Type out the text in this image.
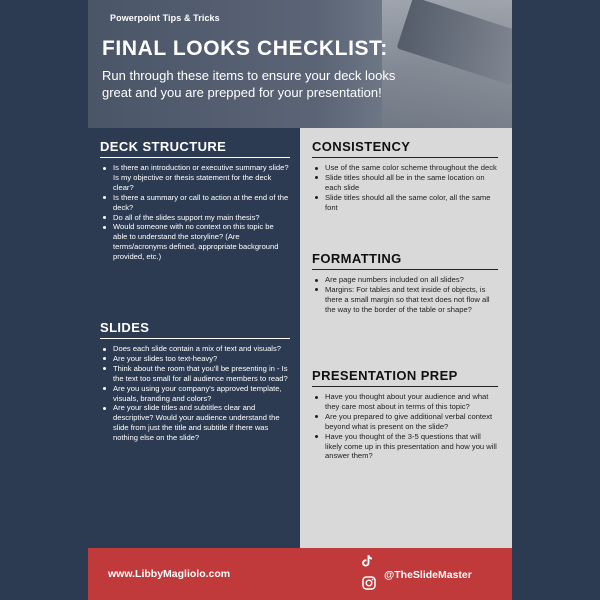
Powerpoint Tips & Tricks
FINAL LOOKS CHECKLIST:
Run through these items to ensure your deck looks great and you are prepped for your presentation!
DECK STRUCTURE
Is there an introduction or executive summary slide? Is my objective or thesis statement for the deck clear?
Is there a summary or call to action at the end of the deck?
Do all of the slides support my main thesis?
Would someone with no context on this topic be able to understand the storyline? (Are terms/acronyms defined, appropriate background provided, etc.)
SLIDES
Does each slide contain a mix of text and visuals?
Are your slides too text-heavy?
Think about the room that you'll be presenting in - Is the text too small for all audience members to read?
Are you using your company's approved template, visuals, branding and colors?
Are your slide titles and subtitles clear and descriptive? Would your audience understand the slide from just the title and subtitle if there was nothing else on the slide?
CONSISTENCY
Use of the same color scheme throughout the deck
Slide titles should all be in the same location on each slide
Slide titles should all the same color, all the same font
FORMATTING
Are page numbers included on all slides?
Margins: For tables and text inside of objects, is there a small margin so that text does not flow all the way to the border of the table or shape?
PRESENTATION PREP
Have you thought about your audience and what they care most about in terms of this topic?
Are you prepared to give additional verbal context beyond what is present on the slide?
Have you thought of the 3-5 questions that will likely come up in this presentation and how you will answer them?
www.LibbyMagliolo.com	@TheSlideMaster
